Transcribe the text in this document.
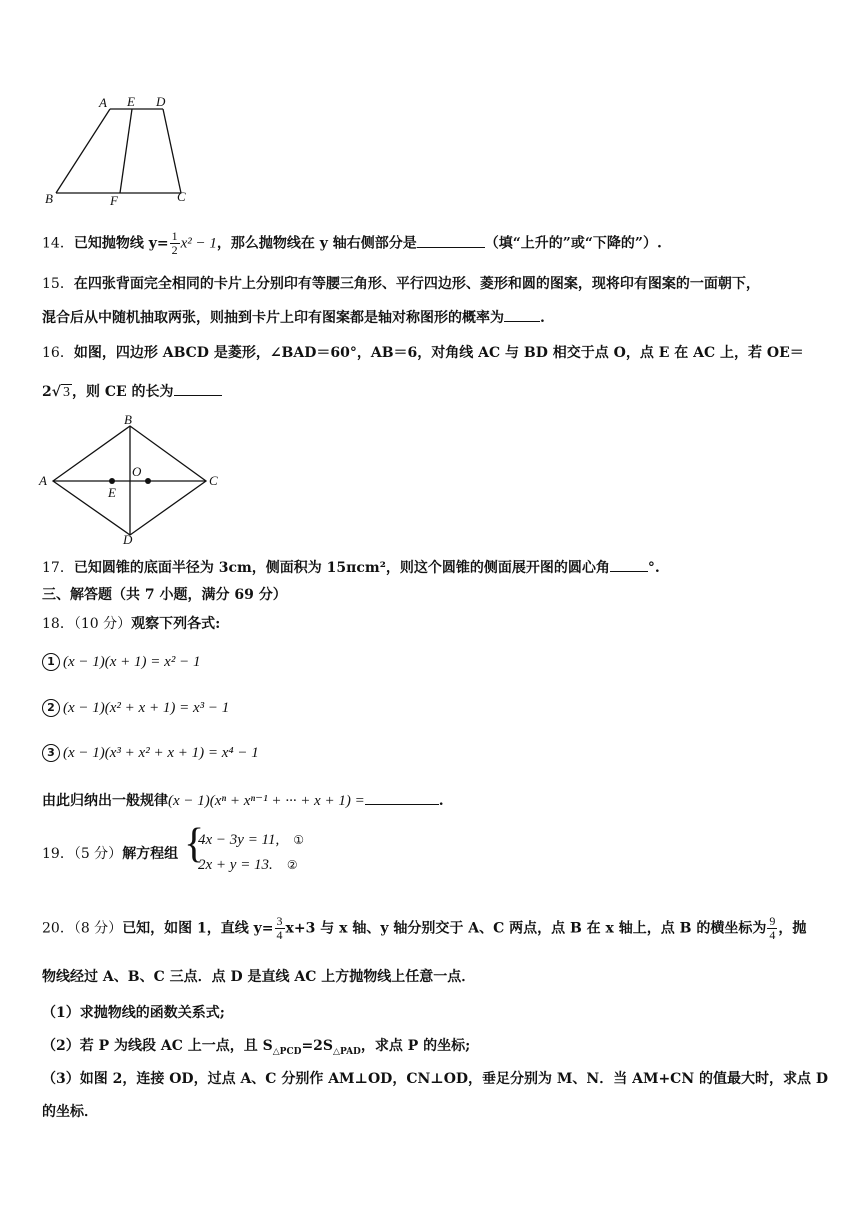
A E D
B	F	C
14．已知抛物线 $y= \frac{1}{2} x^2 - 1$，那么抛物线在 y 轴右侧部分是	（填“上升的”或“下降的”）.
15．在四张背面完全相同的卡片上分别印有等腰三角形、平行四边形、菱形和圆的图案，现将印有图案的一面朝下，
混合后从中随机抽取两张，则抽到卡片上印有图案都是轴对称图形的概率为	.
16．如图，四边形 ABCD 是菱形，∠BAD＝60°，AB＝6，对角线 AC 与 BD 相交于点 O，点 E 在 AC 上，若 OE＝
2√ 3 ，则 CE 的长为
B
A
O
C
E
D
17．已知圆锥的底面半径为 3cm，侧面积为 15πcm²，则这个圆锥的侧面展开图的圆心角	°.
三、解答题（共 7 小题，满分 69 分）
18．（10 分）观察下列各式:
1 (x − 1)(x + 1) = x² − 1
2 (x − 1)(x² + x + 1) = x³ − 1
3 (x − 1)(x³ + x² + x + 1) = x⁴ − 1
由此归纳出一般规律(x − 1)(xⁿ + xⁿ⁻¹ + ··· + x + 1) =	.
19．（5 分）解方程组 {
4x − 3y = 11, ①
2x + y = 13. ②
20．（8 分）已知，如图 1，直线 $y= \frac{3}{4} x+3$ 与 x 轴、y 轴分别交于 A、C 两点，点 B 在 x 轴上，点 B 的横坐标为 $\frac{9}{4}$ ，抛
物线经过 A、B、C 三点．点 D 是直线 AC 上方抛物线上任意一点．
（1）求抛物线的函数关系式;
（2）若 P 为线段 AC 上一点，且 $S_{\triangle PCD}=2S_{\triangle PAD}$，求点 P 的坐标;
（3）如图 2，连接 OD，过点 A、C 分别作 AM⊥OD，CN⊥OD，垂足分别为 M、N．当 AM+CN 的值最大时，求点 D
的坐标．
